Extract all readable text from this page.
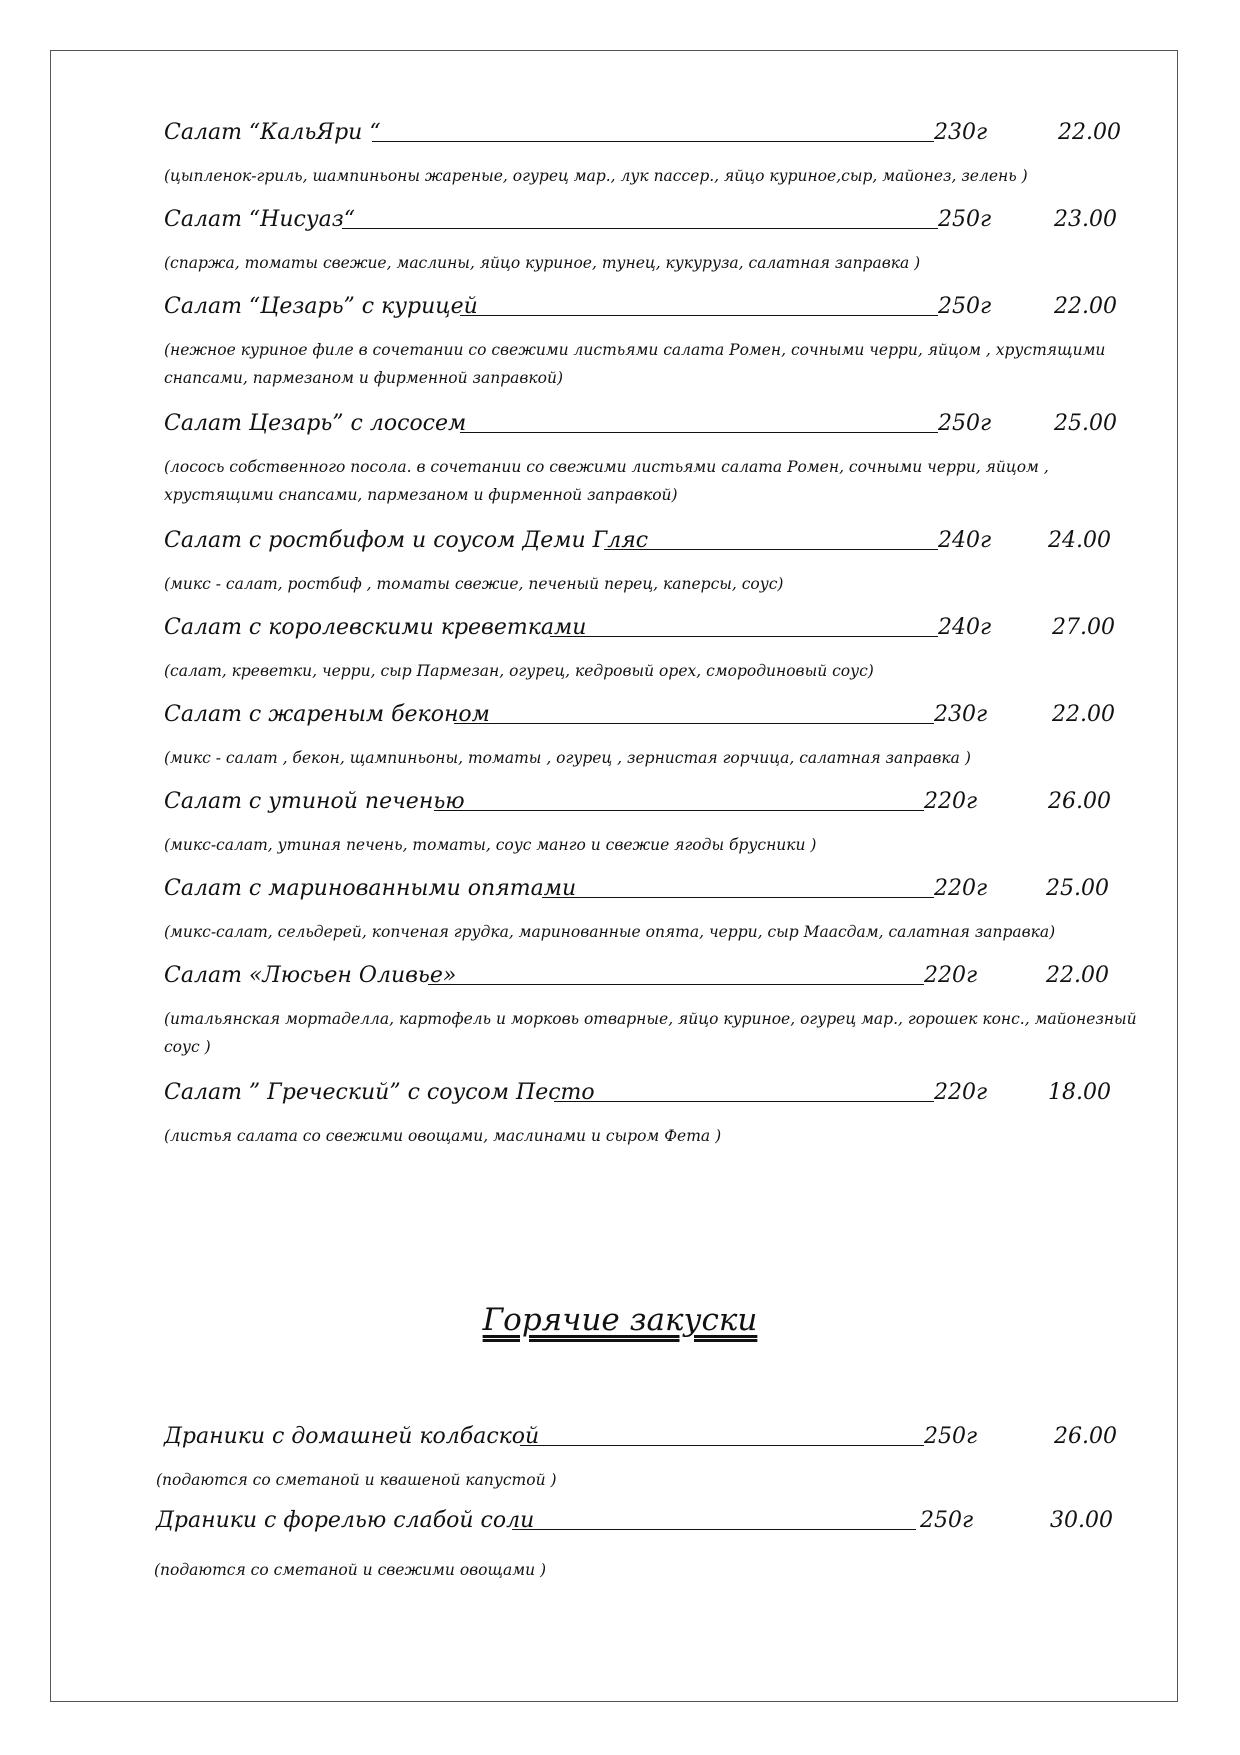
Салат “КальЯри “	230г	22.00
(цыпленок-гриль, шампиньоны жареные, огурец мар., лук пассер., яйцо куриное,сыр, майонез, зелень )
Салат “Нисуаз“	250г	23.00
(спаржа, томаты свежие, маслины, яйцо куриное, тунец, кукуруза, салатная заправка )
Салат “Цезарь” с курицей	250г	22.00
(нежное куриное филе в сочетании со свежими листьями салата Ромен, сочными черри, яйцом , хрустящими снапсами, пармезаном и фирменной заправкой)
Салат Цезарь” с лососем	250г	25.00
(лосось собственного посола. в сочетании со свежими листьями салата Ромен, сочными черри, яйцом , хрустящими снапсами, пармезаном и фирменной заправкой)
Салат с ростбифом и соусом Деми Гляс	240г	24.00
(микс - салат, ростбиф , томаты свежие, печеный перец, каперсы, соус)
Салат с королевскими креветками	240г	27.00
(салат, креветки, черри, сыр Пармезан, огурец, кедровый орех, смородиновый соус)
Салат с жареным беконом	230г	22.00
(микс - салат , бекон, щампиньоны, томаты , огурец , зернистая горчица, салатная заправка )
Салат с утиной печенью	220г	26.00
(микс-салат, утиная печень, томаты, соус манго и свежие ягоды брусники )
Салат с маринованными опятами	220г	25.00
(микс-салат, сельдерей, копченая грудка, маринованные опята, черри, сыр Маасдам, салатная заправка)
Салат «Люсьен Оливье»	220г	22.00
(итальянская мортаделла, картофель и морковь отварные, яйцо куриное, огурец мар., горошек конс., майонезный соус )
Салат ” Греческий” с соусом Песто	220г	18.00
(листья салата со свежими овощами, маслинами и сыром Фета )
Горячие закуски
Драники с домашней колбаской	250г	26.00
(подаются со сметаной и квашеной капустой )
Драники с форелью слабой соли	250г	30.00
(подаются со сметаной и свежими овощами )
